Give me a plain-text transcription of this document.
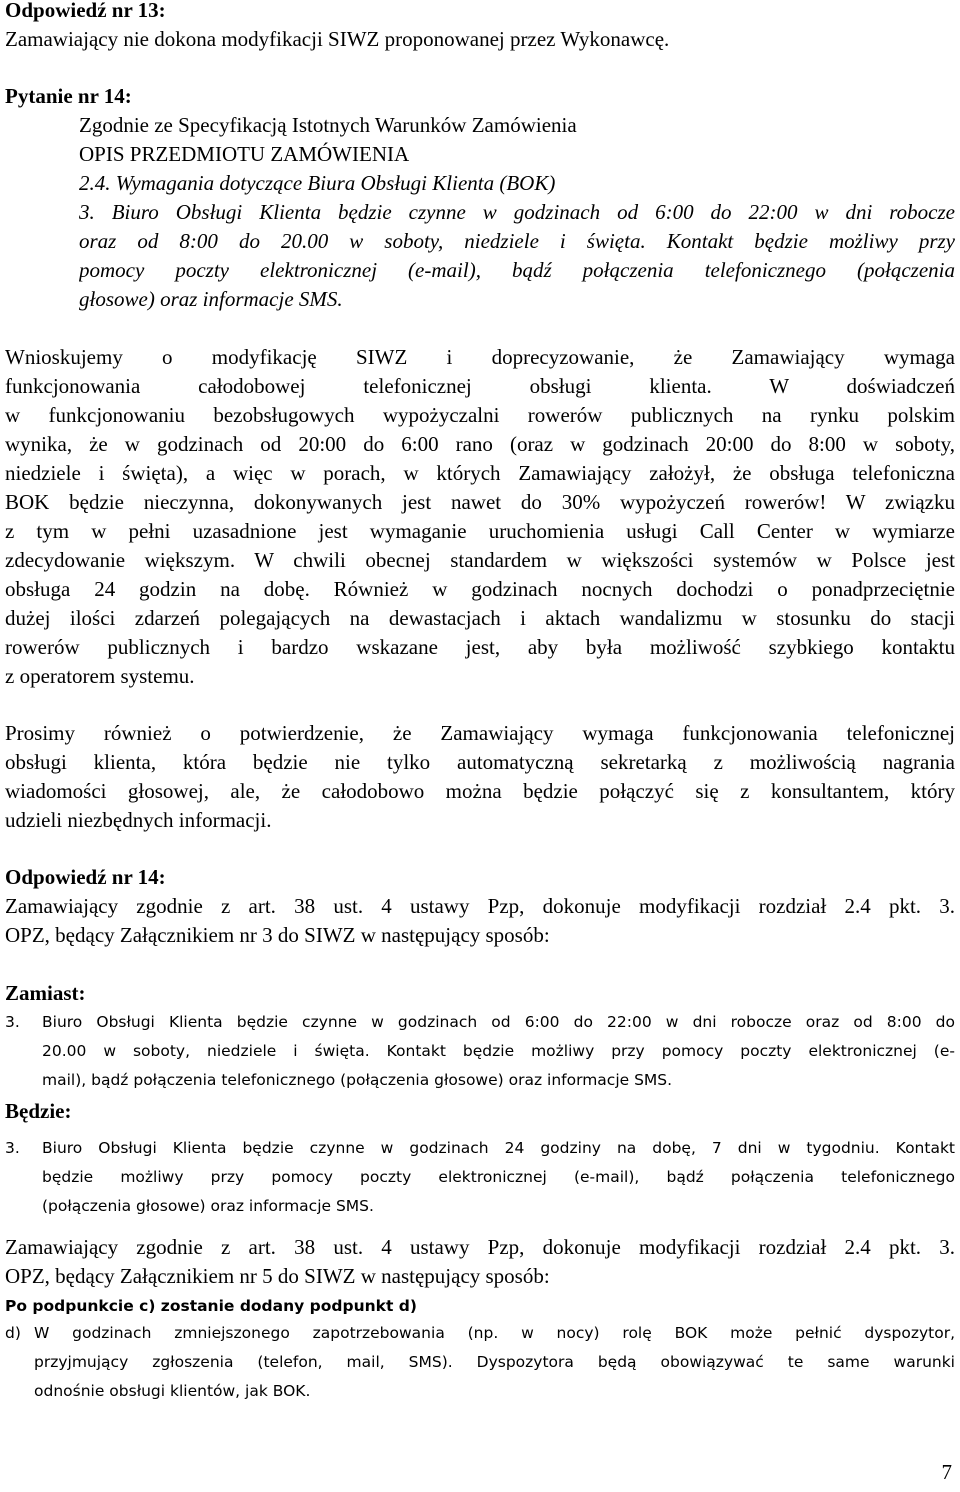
Odpowiedź nr 13:
Zamawiający nie dokona modyfikacji SIWZ proponowanej przez Wykonawcę.
Pytanie nr 14:
Zgodnie ze Specyfikacją Istotnych Warunków Zamówienia
OPIS PRZEDMIOTU ZAMÓWIENIA
2.4. Wymagania dotyczące Biura Obsługi Klienta (BOK)
3. Biuro Obsługi Klienta będzie czynne w godzinach od 6:00 do 22:00 w dni robocze
oraz od 8:00 do 20.00 w soboty, niedziele i święta. Kontakt będzie możliwy przy
pomocy poczty elektronicznej (e-mail), bądź połączenia telefonicznego (połączenia
głosowe) oraz informacje SMS.
Wnioskujemy o modyfikację SIWZ i doprecyzowanie, że Zamawiający wymaga
funkcjonowania całodobowej telefonicznej obsługi klienta. W doświadczeń
w funkcjonowaniu bezobsługowych wypożyczalni rowerów publicznych na rynku polskim
wynika, że w godzinach od 20:00 do 6:00 rano (oraz w godzinach 20:00 do 8:00 w soboty,
niedziele i święta), a więc w porach, w których Zamawiający założył, że obsługa telefoniczna
BOK będzie nieczynna, dokonywanych jest nawet do 30% wypożyczeń rowerów! W związku
z tym w pełni uzasadnione jest wymaganie uruchomienia usługi Call Center w wymiarze
zdecydowanie większym. W chwili obecnej standardem w większości systemów w Polsce jest
obsługa 24 godzin na dobę. Również w godzinach nocnych dochodzi o ponadprzeciętnie
dużej ilości zdarzeń polegających na dewastacjach i aktach wandalizmu w stosunku do stacji
rowerów publicznych i bardzo wskazane jest, aby była możliwość szybkiego kontaktu
z operatorem systemu.
Prosimy również o potwierdzenie, że Zamawiający wymaga funkcjonowania telefonicznej
obsługi klienta, która będzie nie tylko automatyczną sekretarką z możliwością nagrania
wiadomości głosowej, ale, że całodobowo można będzie połączyć się z konsultantem, który
udzieli niezbędnych informacji.
Odpowiedź nr 14:
Zamawiający zgodnie z art. 38 ust. 4 ustawy Pzp, dokonuje modyfikacji rozdział 2.4 pkt. 3.
OPZ, będący Załącznikiem nr 3 do SIWZ w następujący sposób:
Zamiast:
3. Biuro Obsługi Klienta będzie czynne w godzinach od 6:00 do 22:00 w dni robocze oraz od 8:00 do
20.00 w soboty, niedziele i święta. Kontakt będzie możliwy przy pomocy poczty elektronicznej (e-
mail), bądź połączenia telefonicznego (połączenia głosowe) oraz informacje SMS.
Będzie:
3. Biuro Obsługi Klienta będzie czynne w godzinach 24 godziny na dobę, 7 dni w tygodniu. Kontakt
będzie możliwy przy pomocy poczty elektronicznej (e-mail), bądź połączenia telefonicznego
(połączenia głosowe) oraz informacje SMS.
Zamawiający zgodnie z art. 38 ust. 4 ustawy Pzp, dokonuje modyfikacji rozdział 2.4 pkt. 3.
OPZ, będący Załącznikiem nr 5 do SIWZ w następujący sposób:
Po podpunkcie c) zostanie dodany podpunkt d)
d) W godzinach zmniejszonego zapotrzebowania (np. w nocy) rolę BOK może pełnić dyspozytor,
przyjmujący zgłoszenia (telefon, mail, SMS). Dyspozytora będą obowiązywać te same warunki
odnośnie obsługi klientów, jak BOK.
7
